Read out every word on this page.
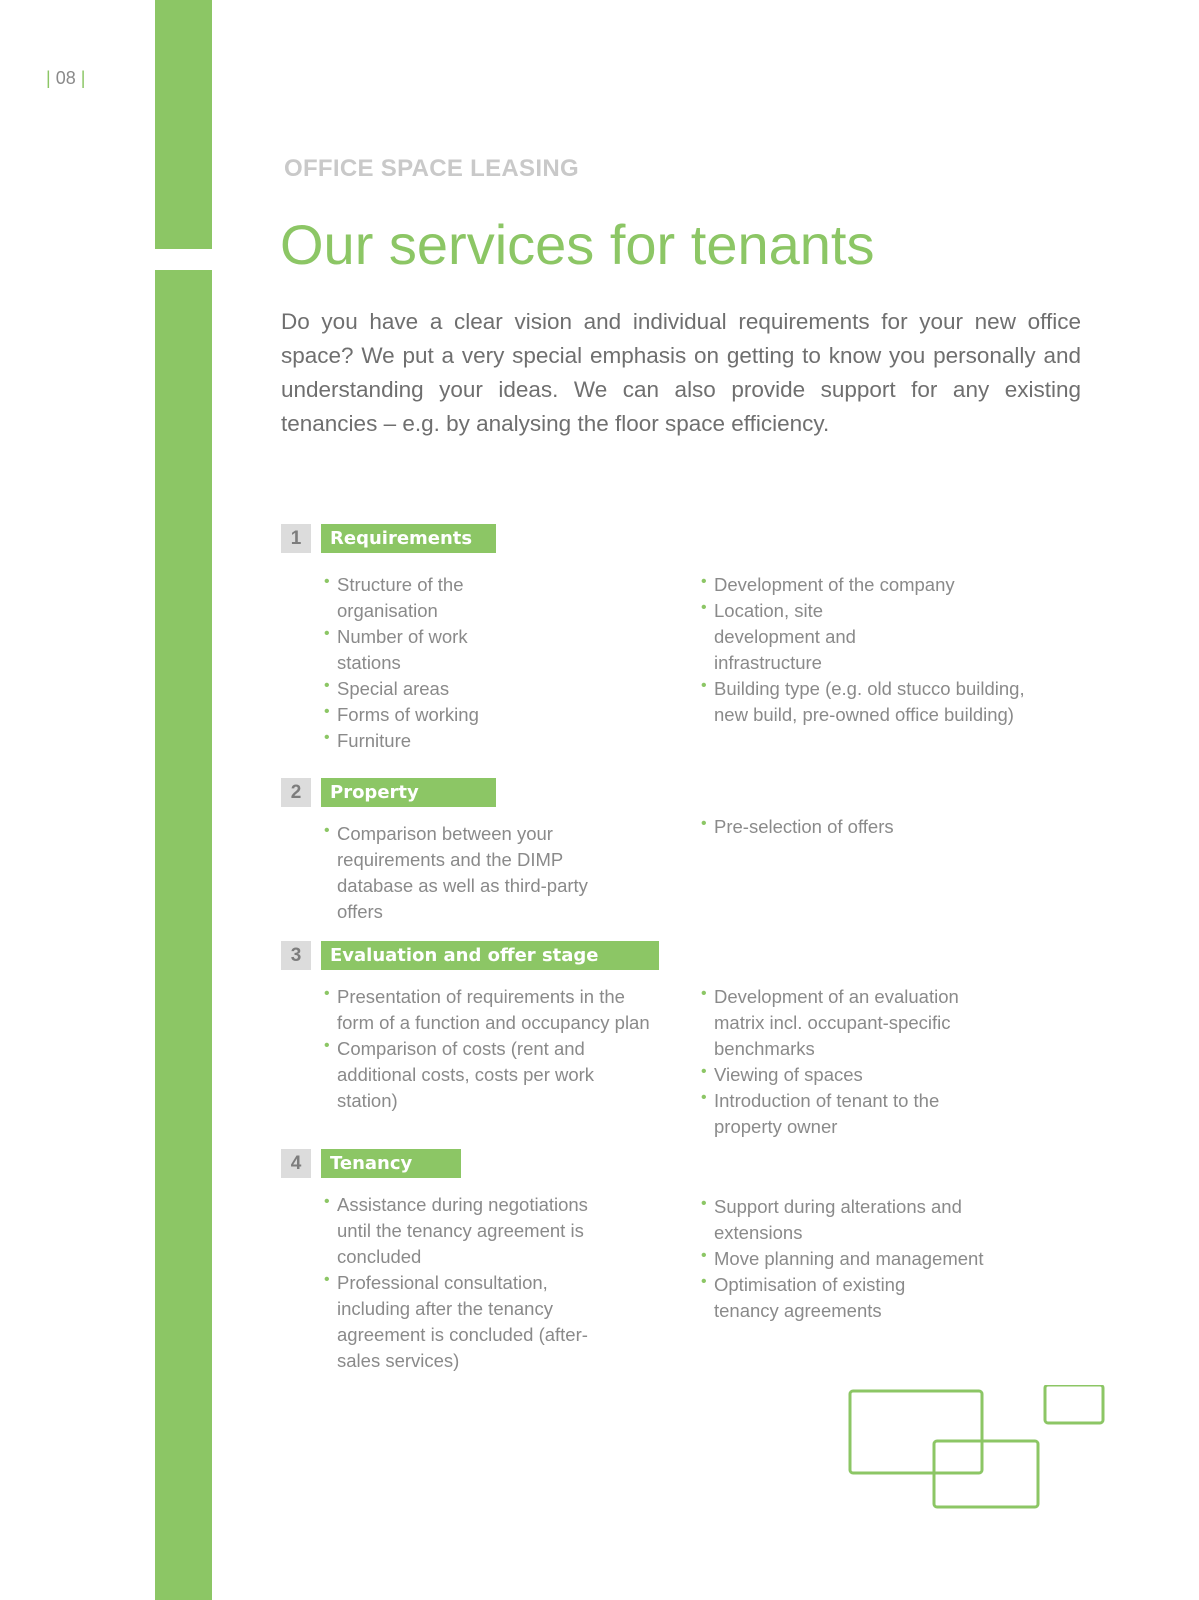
| 08 |
OFFICE SPACE LEASING
Our services for tenants

Do you have a clear vision and individual requirements for your new office space? We put a very special emphasis on getting to know you personally and understanding your ideas. We can also provide support for any existing tenancies – e.g. by analysing the floor space efficiency.

1	Requirements
• Structure of the organisation
• Number of work stations
• Special areas
• Forms of working
• Furniture
• Development of the company
• Location, site development and infrastructure
• Building type (e.g. old stucco building, new build, pre-owned office building)
2	Property
• Comparison between your requirements and the DIMP database as well as third-party offers
• Pre-selection of offers
3	Evaluation and offer stage
• Presentation of requirements in the form of a function and occupancy plan
• Comparison of costs (rent and additional costs, costs per work station)
• Development of an evaluation matrix incl. occupant-specific benchmarks
• Viewing of spaces
• Introduction of tenant to the property owner
4	Tenancy
• Assistance during negotiations until the tenancy agreement is concluded
• Professional consultation, including after the tenancy agreement is concluded (after-sales services)
• Support during alterations and extensions
• Move planning and management
• Optimisation of existing tenancy agreements
